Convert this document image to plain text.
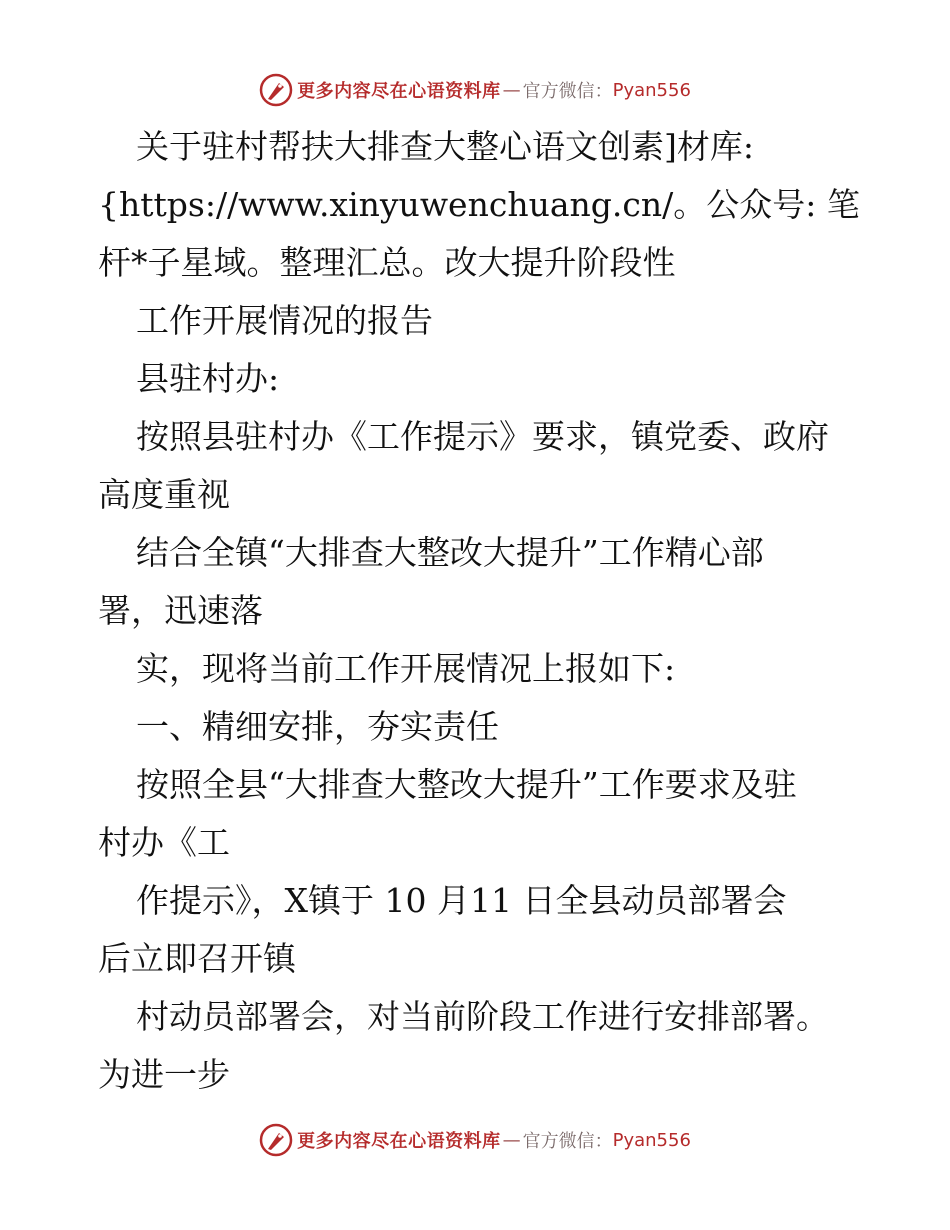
更多内容尽在心语资料库 — 官方微信： Pyan556
关于驻村帮扶大排查大整心语文创素]材库:
{https://www.xinyuwenchuang.cn/。公众号: 笔
杆*子星域。整理汇总。改大提升阶段性
工作开展情况的报告
县驻村办:
按照县驻村办《工作提示》要求，镇党委、政府
高度重视
结合全镇“大排查大整改大提升”工作精心部
署，迅速落
实，现将当前工作开展情况上报如下:
一、精细安排，夯实责任
按照全县“大排查大整改大提升”工作要求及驻
村办《工
作提示》，X镇于 10 月11 日全县动员部署会
后立即召开镇
村动员部署会，对当前阶段工作进行安排部署。
为进一步
更多内容尽在心语资料库 — 官方微信： Pyan556
